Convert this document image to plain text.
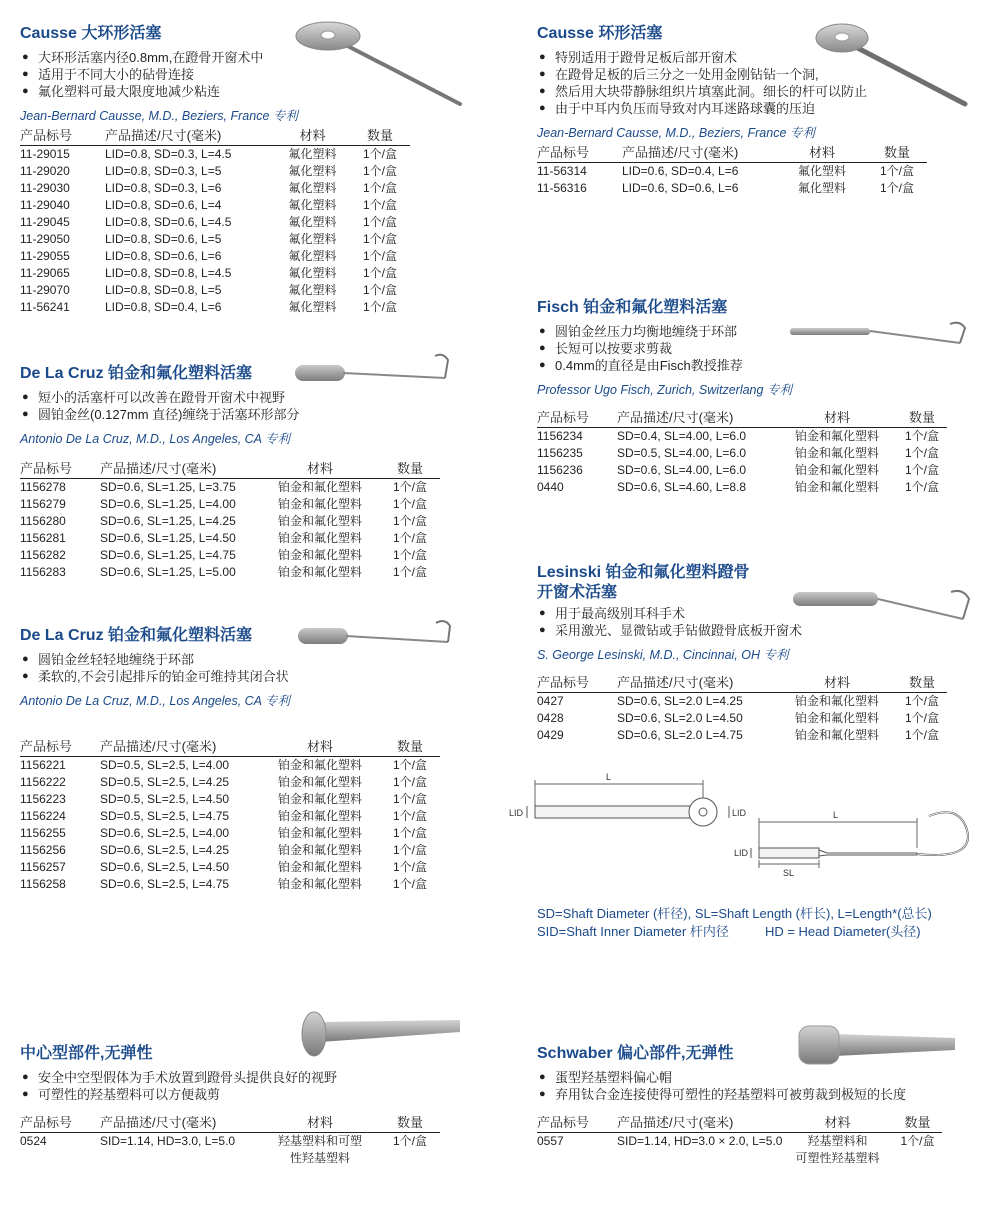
Causse 大环形活塞
● 大环形活塞内径0.8mm,在蹬骨开窗术中
● 适用于不同大小的砧骨连接
● 氟化塑料可最大限度地减少粘连
Jean-Bernard Causse, M.D., Beziers, France 专利
产品标号	产品描述/尺寸(毫米)	材料	数量
11-29015	LID=0.8, SD=0.3, L=4.5	氟化塑料	1个/盒
11-29020	LID=0.8, SD=0.3, L=5	氟化塑料	1个/盒
11-29030	LID=0.8, SD=0.3, L=6	氟化塑料	1个/盒
11-29040	LID=0.8, SD=0.6, L=4	氟化塑料	1个/盒
11-29045	LID=0.8, SD=0.6, L=4.5	氟化塑料	1个/盒
11-29050	LID=0.8, SD=0.6, L=5	氟化塑料	1个/盒
11-29055	LID=0.8, SD=0.6, L=6	氟化塑料	1个/盒
11-29065	LID=0.8, SD=0.8, L=4.5	氟化塑料	1个/盒
11-29070	LID=0.8, SD=0.8, L=5	氟化塑料	1个/盒
11-56241	LID=0.8, SD=0.4, L=6	氟化塑料	1个/盒
De La Cruz 铂金和氟化塑料活塞
● 短小的活塞杆可以改善在蹬骨开窗术中视野
● 圆铂金丝(0.127mm 直径)缠绕于活塞环形部分
Antonio De La Cruz, M.D., Los Angeles, CA 专利
产品标号	产品描述/尺寸(毫米)	材料	数量
1156278	SD=0.6, SL=1.25, L=3.75	铂金和氟化塑料	1个/盒
1156279	SD=0.6, SL=1.25, L=4.00	铂金和氟化塑料	1个/盒
1156280	SD=0.6, SL=1.25, L=4.25	铂金和氟化塑料	1个/盒
1156281	SD=0.6, SL=1.25, L=4.50	铂金和氟化塑料	1个/盒
1156282	SD=0.6, SL=1.25, L=4.75	铂金和氟化塑料	1个/盒
1156283	SD=0.6, SL=1.25, L=5.00	铂金和氟化塑料	1个/盒
De La Cruz 铂金和氟化塑料活塞
● 圆铂金丝轻轻地缠绕于环部
● 柔软的,不会引起排斥的铂金可维持其闭合状
Antonio De La Cruz, M.D., Los Angeles, CA 专利
产品标号	产品描述/尺寸(毫米)	材料	数量
1156221	SD=0.5, SL=2.5, L=4.00	铂金和氟化塑料	1个/盒
1156222	SD=0.5, SL=2.5, L=4.25	铂金和氟化塑料	1个/盒
1156223	SD=0.5, SL=2.5, L=4.50	铂金和氟化塑料	1个/盒
1156224	SD=0.5, SL=2.5, L=4.75	铂金和氟化塑料	1个/盒
1156255	SD=0.6, SL=2.5, L=4.00	铂金和氟化塑料	1个/盒
1156256	SD=0.6, SL=2.5, L=4.25	铂金和氟化塑料	1个/盒
1156257	SD=0.6, SL=2.5, L=4.50	铂金和氟化塑料	1个/盒
1156258	SD=0.6, SL=2.5, L=4.75	铂金和氟化塑料	1个/盒
中心型部件,无弹性
● 安全中空型假体为手术放置到蹬骨头提供良好的视野
● 可塑性的羟基塑料可以方便裁剪
产品标号	产品描述/尺寸(毫米)	材料	数量
0524	SID=1.14, HD=3.0, L=5.0	羟基塑料和可塑
性羟基塑料	1个/盒
Causse 环形活塞
● 特别适用于蹬骨足板后部开窗术
● 在蹬骨足板的后三分之一处用金刚钻钻一个洞,
● 然后用大块带静脉组织片填塞此洞。细长的杆可以防止
● 由于中耳内负压而导致对内耳迷路球囊的压迫
Jean-Bernard Causse, M.D., Beziers, France 专利
产品标号	产品描述/尺寸(毫米)	材料	数量
11-56314	LID=0.6, SD=0.4, L=6	氟化塑料	1个/盒
11-56316	LID=0.6, SD=0.6, L=6	氟化塑料	1个/盒
Fisch 铂金和氟化塑料活塞
● 圆铂金丝压力均衡地缠绕于环部
● 长短可以按要求剪裁
● 0.4mm的直径是由Fisch教授推荐
Professor Ugo Fisch, Zurich, Switzerlang 专利
产品标号	产品描述/尺寸(毫米)	材料	数量
1156234	SD=0.4, SL=4.00, L=6.0	铂金和氟化塑料	1个/盒
1156235	SD=0.5, SL=4.00, L=6.0	铂金和氟化塑料	1个/盒
1156236	SD=0.6, SL=4.00, L=6.0	铂金和氟化塑料	1个/盒
0440	SD=0.6, SL=4.60, L=8.8	铂金和氟化塑料	1个/盒
Lesinski 铂金和氟化塑料蹬骨
开窗术活塞
● 用于最高级别耳科手术
● 采用激光、显微钻或手钻做蹬骨底板开窗术
S. George Lesinski, M.D., Cincinnai, OH 专利
产品标号	产品描述/尺寸(毫米)	材料	数量
0427	SD=0.6, SL=2.0 L=4.25	铂金和氟化塑料	1个/盒
0428	SD=0.6, SL=2.0 L=4.50	铂金和氟化塑料	1个/盒
0429	SD=0.6, SL=2.0 L=4.75	铂金和氟化塑料	1个/盒
L
LID	LID	L
LID
SL
SD=Shaft Diameter (杆径), SL=Shaft Length (杆长), L=Length*(总长)
SID=Shaft Inner Diameter 杆内径          HD = Head Diameter(头径)
Schwaber 偏心部件,无弹性
● 蛋型羟基塑料偏心帽
● 弃用钛合金连接使得可塑性的羟基塑料可被剪裁到极短的长度
产品标号	产品描述/尺寸(毫米)	材料	数量
0557	SID=1.14, HD=3.0 × 2.0, L=5.0	羟基塑料和
可塑性羟基塑料	1个/盒
